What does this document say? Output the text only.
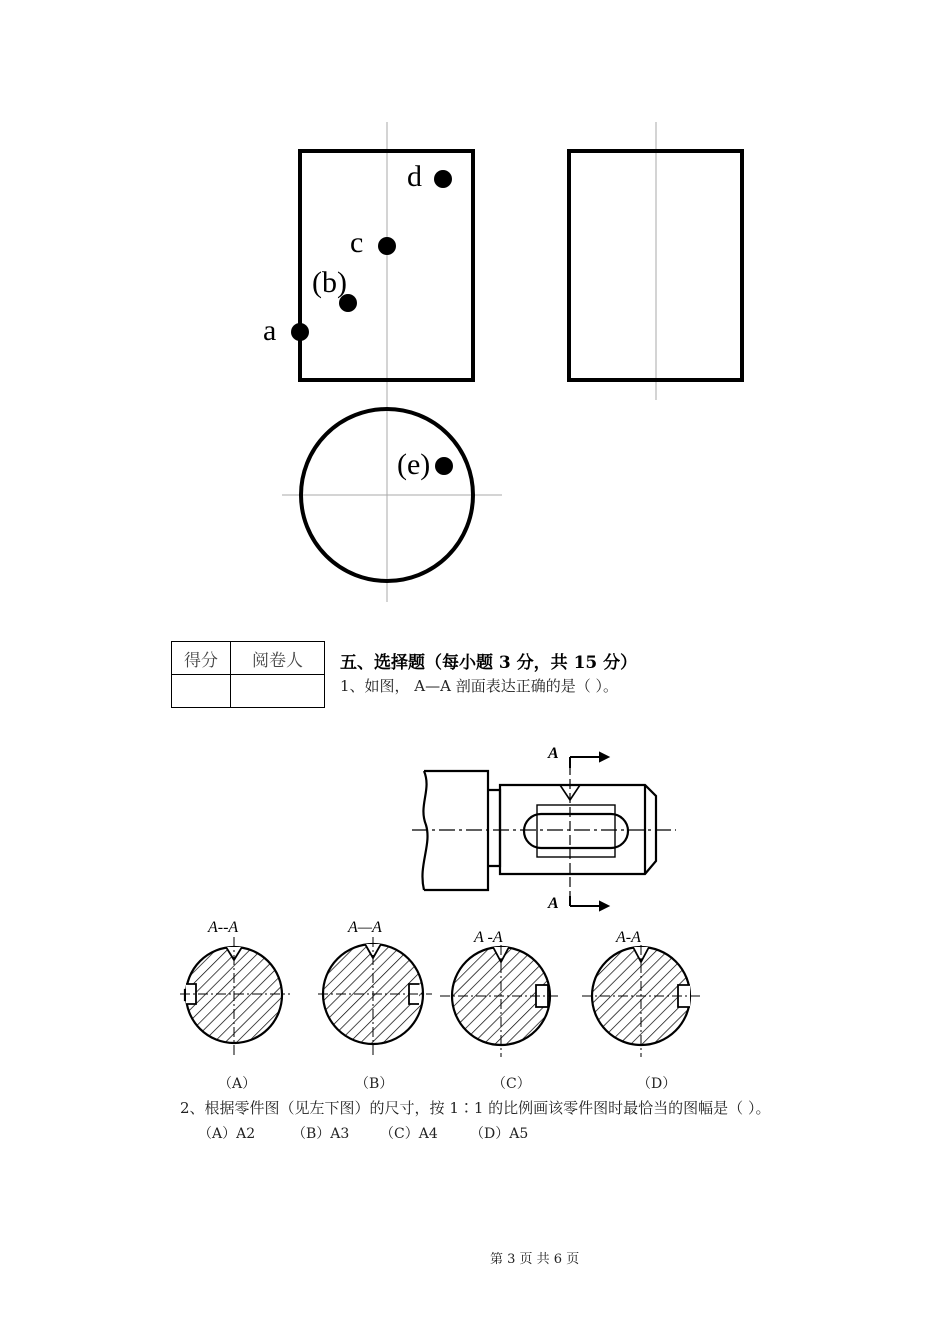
a
(b)
c
d
(e)
得分	阅卷人
	五、选择题（每小题 3 分，共 15 分）
1、如图， A—A 剖面表达正确的是（ ）。
A
A
A--A	A—A
A -A	A-A
（A）	（B）	（C）	（D）
2、根据零件图（见左下图）的尺寸，按 1∶1 的比例画该零件图时最恰当的图幅是（ ）。
（A）A2	（B）A3 （C）A4 （D）A5
第 3 页 共 6 页
